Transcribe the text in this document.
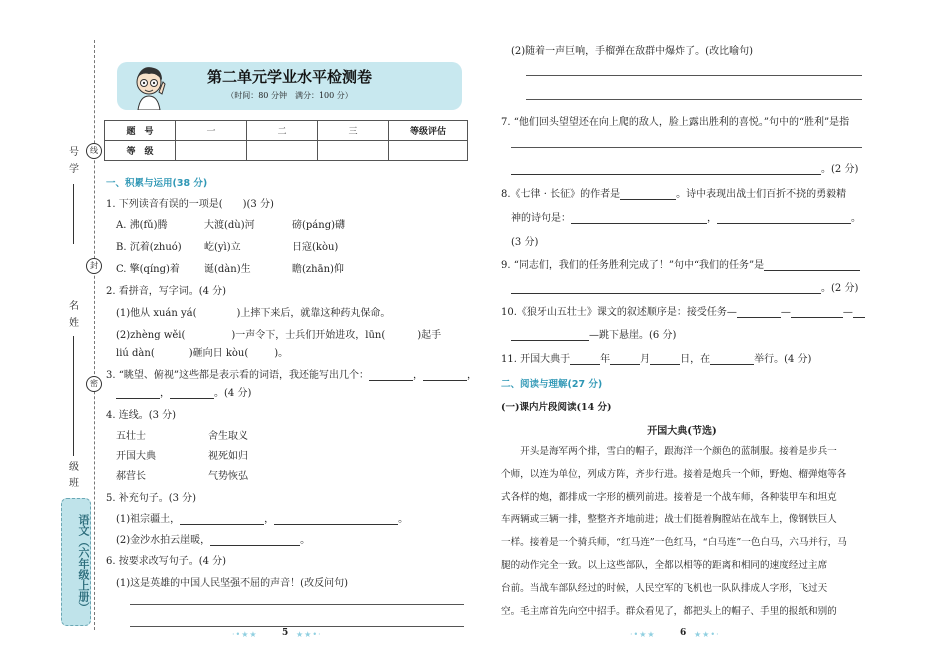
线
封
密
号
学
名
姓
级
班
语文（六年级上册）
第二单元学业水平检测卷
（时间：80 分钟　满分：100 分）
题　号	一	二	三	等级评估
等　级				
一、积累与运用(38 分)
1. 下列读音有误的一项是(　　)(3 分)
A. 沸(fǔ)腾	大渡(dù)河	磅(páng)礴
B. 沉着(zhuó) 屹(yì)立	日寇(kòu)
C. 擎(qíng)着 诞(dàn)生	瞻(zhān)仰
2. 看拼音，写字词。(4 分)
(1)他从 xuán yá(	)上摔下来后，就靠这种药丸保命。
(2)zhèng wěi(	)一声令下，士兵们开始进攻，lūn(	)起手
liú dàn(	)砸向日 kòu(	)。
3. “眺望、俯视”这些都是表示看的词语，我还能写出几个：	，	，
，	。(4 分)
4. 连线。(3 分)
五壮士
开国大典
郝营长
舍生取义
视死如归
气势恢弘
5. 补充句子。(3 分)
(1)祖宗疆土，	，	。
(2)金沙水拍云崖暖，	。
6. 按要求改写句子。(4 分)
(1)这是英雄的中国人民坚强不屈的声音！(改反问句)
·•★★	5 ★★•·
(2)随着一声巨响，手榴弹在敌群中爆炸了。(改比喻句)
7. “他们回头望望还在向上爬的敌人，脸上露出胜利的喜悦。”句中的“胜利”是指
。(2 分)
8.《七律 · 长征》的作者是	。诗中表现出战士们百折不挠的勇毅精
神的诗句是：	，	。
(3 分)
9. “同志们，我们的任务胜利完成了！”句中“我们的任务”是
。(2 分)
10.《狼牙山五壮士》课文的叙述顺序是：接受任务—	—	—
—跳下悬崖。(6 分)
11. 开国大典于	年	月	日，在	举行。(4 分)
二、阅读与理解(27 分)
(一)课内片段阅读(14 分)
开国大典(节选)
　　开头是海军两个排，雪白的帽子，跟海洋一个颜色的蓝制服。接着是步兵一
个师，以连为单位，列成方阵，齐步行进。接着是炮兵一个师，野炮、榴弹炮等各
式各样的炮，都排成一字形的横列前进。接着是一个战车师，各种装甲车和坦克
车两辆或三辆一排，整整齐齐地前进；战士们挺着胸膛站在战车上，像钢铁巨人
一样。接着是一个骑兵师，“红马连”一色红马，“白马连”一色白马，六马并行，马
腿的动作完全一致。以上这些部队，全都以相等的距离和相同的速度经过主席
台前。当战车部队经过的时候，人民空军的飞机也一队队排成人字形，飞过天
空。毛主席首先向空中招手。群众看见了，都把头上的帽子、手里的报纸和别的
·•★★	6 ★★•·
